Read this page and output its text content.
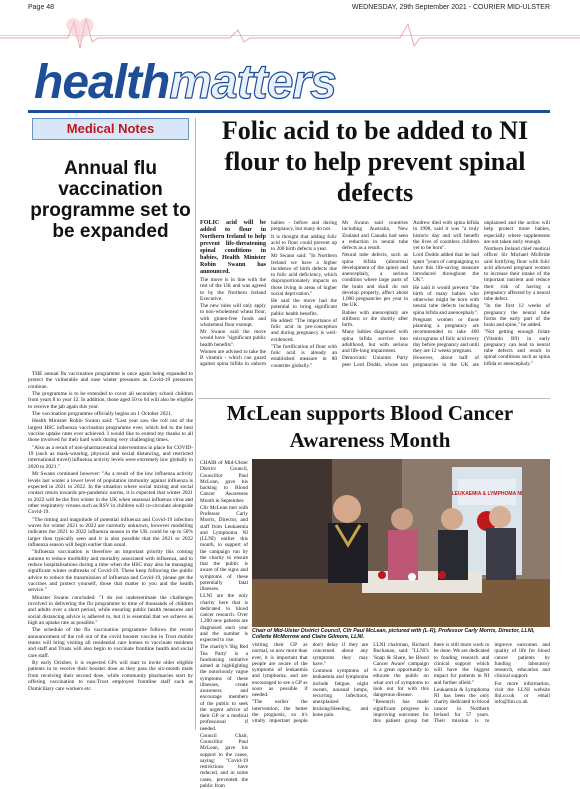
Page 48	WEDNESDAY, 29th September 2021 - COURIER MID-ULSTER
healthmatters
Medical Notes
Annual flu vaccination programme set to be expanded

THE annual flu vaccination programme is once again being expanded to protect the vulnerable and ease winter pressures as Covid-19 pressures continue.

The programme is to be extended to cover all secondary school children from years 8 to year 12. In addition, those aged 50 to 64 will also be eligible to receive the jab again this year.

The vaccination programme officially begins on 1 October 2021.

Health Minister Robin Swann said: "Last year saw the roll out of the largest HSC influenza vaccination programme ever, which led to the best vaccine uptake rates ever achieved. I would like to extend my thanks to all those involved for their hard work during very challenging times.

"Also as a result of non-pharmaceutical interventions in place for COVID-19 (such as mask-wearing, physical and social distancing, and restricted international travel) influenza activity levels were extremely low globally in 2020 to 2021."

Mr Swann continued however: "As a result of the low influenza activity levels last winter a lower level of population immunity against influenza is expected in 2021 to 2022. In the situation where social mixing and social contact return towards pre-pandemic norms, it is expected that winter 2021 to 2022 will be the first winter in the UK when seasonal influenza virus and other respiratory viruses such as RSV in children will co-circulate alongside Covid-19.

"The timing and magnitude of potential influenza and Covid-19 infection waves for winter 2021 to 2022 are currently unknown, however modelling indicates the 2021 to 2022 influenza season in the UK could be up to 50% larger than typically seen and it is also possible that the 2021 to 2022 influenza season will begin earlier than usual.

"Influenza vaccination is therefore an important priority this coming autumn to reduce morbidity and mortality associated with influenza, and to reduce hospitalisations during a time when the HSC may also be managing significant winter outbreaks of Covid-19. These keep following the public advice to reduce the transmission of influenza and Covid-19, please get the vaccines and protect yourself, those that matter to you and the health service."

Minister Swann concluded: "I do not underestimate the challenges involved in delivering the flu programme to time of thousands of children and adults over a short period, while ensuring public health measures and social distancing advice is adhered to, but it is essential that we achieve as high an uptake rate as possible."

The schedule of the flu vaccination programme follows the recent announcement of the roll out of the covid booster vaccine in Trust mobile teams will bring visiting all residential care homes to vaccinate residents and staff and Trusts will also begin to vaccinate frontline health and social care staff.

By early October, it is expected GPs will start to invite older eligible patients in to receive their booster dose as they pass the six-month mark from receiving their second dose, while community pharmacies start by offering vaccination to non-Trust employed frontline staff such as Domiciliary care workers etc.

Folic acid to be added to NI flour to help prevent spinal defects

FOLIC acid will be added to flour in Northern Ireland to help prevent life-threatening spinal conditions in babies, Health Minister Robin Swann has announced.

The move is in line with the rest of the UK and was agreed to by the Northern Ireland Executive.

The new rules will only apply to non-wholemeal wheat flour, with gluten-free foods and wholemeal flour exempt.

Mr Swann said the move would have "significant public health benefits".

Women are advised to take the B vitamin - which can guard against spina bifida in unborn babies - before and during pregnancy, but many do not.

It is thought that adding folic acid to flour could prevent up to 200 birth defects a year.

Mr Swann said: "In Northern Ireland we have a higher incidence of birth defects due to folic acid deficiency, which disproportionately impacts on those living in areas of higher social deprivation."

He said the move had the potential to bring significant public health benefits.

He added: "The importance of folic acid in pre-conception and during pregnancy is well-evidenced.

"The fortification of flour with folic acid is already an established measure in 80 countries globally."

Mr Swann said countries including Australia, New Zealand and Canada had seen a reduction in neural tube defects as a result.

Neural tube defects, such as spina bifida (abnormal development of the spine) and anencephaly, a serious condition where large parts of the brain and skull do not develop properly, affect about 1,000 pregnancies per year in the UK.

Babies with anencephaly are stillborn or die shortly after birth.

Many babies diagnosed with spina bifida survive into adulthood, but with serious and life-long impairment.

Democratic Unionist Party peer Lord Dodds, whose son Andrew died with spina bifida in 1998, said it was "a truly historic day and will benefit the lives of countless children yet to be born".

Lord Dodds added that he had spent "years of campaigning to have this life-saving measure introduced throughout the UK".

He said it would prevent "the birth of many babies who otherwise might be born with neural tube defects including spina bifida and anencephaly".

Pregnant women or those planning a pregnancy are recommended to take 400 micrograms of folic acid every day before pregnancy and until they are 12 weeks pregnant.

However, about half of pregnancies in the UK are unplanned and the action will help protect more babies, especially where supplements are not taken early enough.

Northern Ireland chief medical officer Sir Michael McBride said fortifying flour with folic acid allowed pregnant women to increase their intake of the important nutrient and reduce their risk of having a pregnancy affected by a neural tube defect.

"In the first 12 weeks of pregnancy the neural tube forms the early part of the brain and spine," he added.

"Not getting enough folate (Vitamin B9) in early pregnancy can lead to neural tube defects and result in spinal conditions such as spina bifida or anencephaly."

McLean supports Blood Cancer Awareness Month

CHAIR of Mid-Ulster District Council, Councillor Paul McLean, gave his backing to Blood Cancer Awareness Month in September.

Cllr McLean met with Professor Carly Morris, Director, and staff from Leukaemia and Lymphoma NI (LLNI) earlier this month, in support of the campaign run by the charity to ensure that the public is aware of the signs and symptoms of these potentially fatal illnesses.

LLNI are the only charity here that is dedicated to blood cancer research. Over 1,200 new patients are diagnosed each year and the number is expected to rise.

The charity's 'Big Red Tea Party' is a fundraising initiative aimed at highlighting the notoriously vague symptoms of these illnesses, create awareness and encourage members of the public to seek the urgent advice of their GP or a medical professional if needed.

Council Chair, Councillor Paul McLean, gave his support to the cause, saying: "Covid-19 restrictions have reduced, and in some cases, prevented the public from

LEUKAEMIA & LYMPHOMA NI
Chair of Mid-Ulster District Council, Cllr Paul McLean, pictured with (L-R), Professor Carly Morris, Director, LLNI, Collette McMorrow and Claire Gilmore, LLNI.

visiting their GP as normal, so now more than ever, it is important that people are aware of the symptoms of leukaemia and lymphoma, and are encouraged to see a GP as soon as possible if needed.

"The earlier the intervention, the better the prognosis, so it's vitally important people don't delay if they are concerned about any symptoms they may have."

Common symptoms of leukaemia and lymphoma include fatigue, night sweats, unusual lumps, recurring infections, unexplained bruising/bleeding, and bone pain.

LLNI chairman, Richard Buchanan, said: "LLNI's 'Snap & Share, be Blood Cancer Aware' campaign is a great opportunity to educate the public on what sort of symptoms to look out for with this dangerous disease.

"Research has made significant progress in improving outcomes for this patient group but there is still more work to be done. We are dedicated to funding research and clinical support which will have the biggest impact for patients in NI and further afield."

Leukaemia & Lymphoma NI has been the only charity dedicated to blood cancer in Northern Ireland for 57 years. Their mission is to improve outcomes and quality of life for blood cancer patients by funding laboratory research, education and clinical support.

For more information, visit the LLNI website llni.co.uk or email info@llni.co.uk
